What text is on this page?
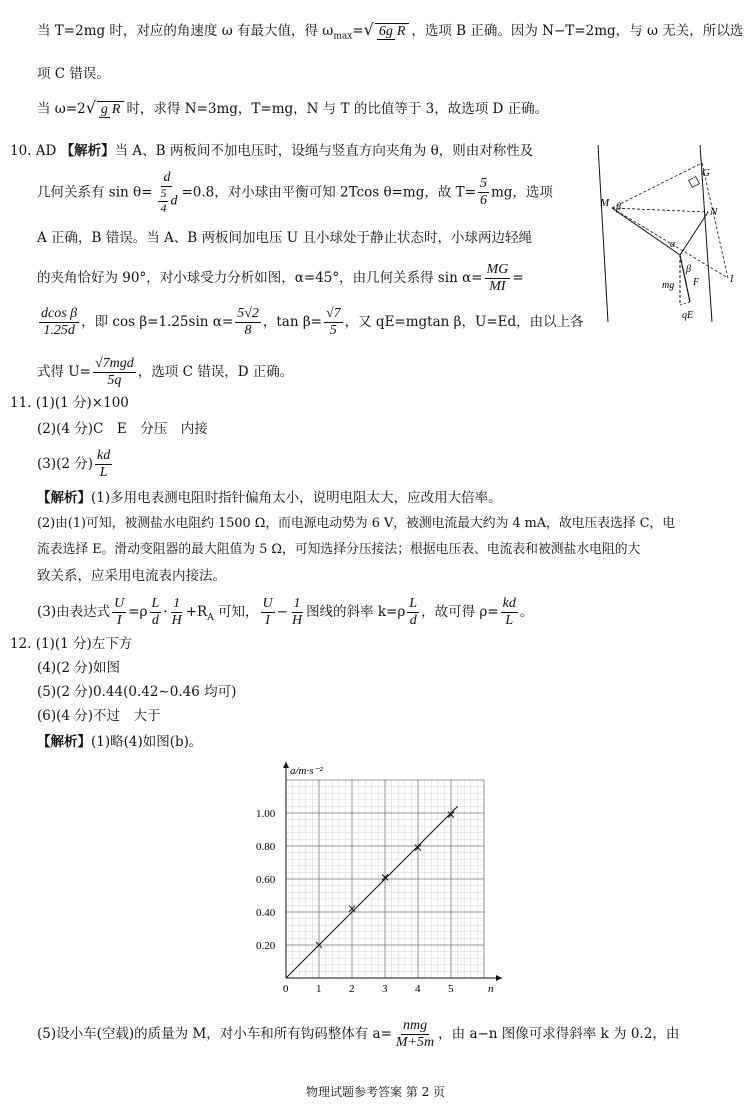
当 T=2mg 时，对应的角速度 ω 有最大值，得 $\omega_{max}=√$ 6g R ，选项 B 正确。因为 N−T=2mg，与 ω 无关，所以选
项 C 错误。
当 ω=2√ g R 时，求得 N=3mg，T=mg，N 与 T 的比值等于 3，故选项 D 正确。
10. AD 【解析】当 A、B 两板间不加电压时，设绳与竖直方向夹角为 θ，则由对称性及
几何关系有 $\sin \theta= \frac{d}{\frac{5}{4} d} =0.8$，对小球由平衡可知 2Tcos θ=mg，故 $T= \frac{5}{6}$ mg，选项
A 正确，B 错误。当 A、B 两板间加电压 U 且小球处于静止状态时，小球两边轻绳
的夹角恰好为 90°，对小球受力分析如图，α=45°，由几何关系得 $\sin \alpha= \frac{MG}{MI}$ =
$\frac{\text{dcos β}}{1.25d}$ ，即 cos β=1.25sin $\alpha= \frac{5√2}{8}$ ，$\tan \beta= \frac{√7}{5}$ ，又 qE=mgtan β，U=Ed，由以上各
式得 $U= \frac{\text{√7mgd}}{5q}$ ，选项 C 错误，D 正确。
M β
G
N
α
β
mg F	I
qE
11. (1)(1 分)×100
(2)(4 分)C　E　分压　内接
(3)(2 分) $\frac{kd}{L}$
【解析】(1)多用电表测电阻时指针偏角太小，说明电阻太大，应改用大倍率。
(2)由(1)可知，被测盐水电阻约 1500 Ω，而电源电动势为 6 V，被测电流最大约为 4 mA，故电压表选择 C，电
流表选择 E。滑动变阻器的最大阻值为 5 Ω，可知选择分压接法；根据电压表、电流表和被测盐水电阻的大
致关系，应采用电流表内接法。
(3)由表达式 $\frac{U}{I} =\rho \frac{L}{d} \cdot \frac{1}{H} +R_A$ 可知， $\frac{U}{I} - \frac{1}{H}$ 图线的斜率 $k=\rho \frac{L}{d}$ ，故可得 $\rho= \frac{kd}{L}$ 。
12. (1)(1 分)左下方
(4)(2 分)如图
(5)(2 分)0.44(0.42∼0.46 均可)
(6)(4 分)不过　大于
【解析】(1)略(4)如图(b)。
0	1	2	3	4	5
0.20
0.40
0.60
0.80
1.00
a/m·s⁻²
n
(5)设小车(空载)的质量为 M，对小车和所有钩码整体有 $a= \frac{\text{nmg}}{M+5m}$ ，由 a−n 图像可求得斜率 k 为 0.2，由
物理试题参考答案 第 2 页
